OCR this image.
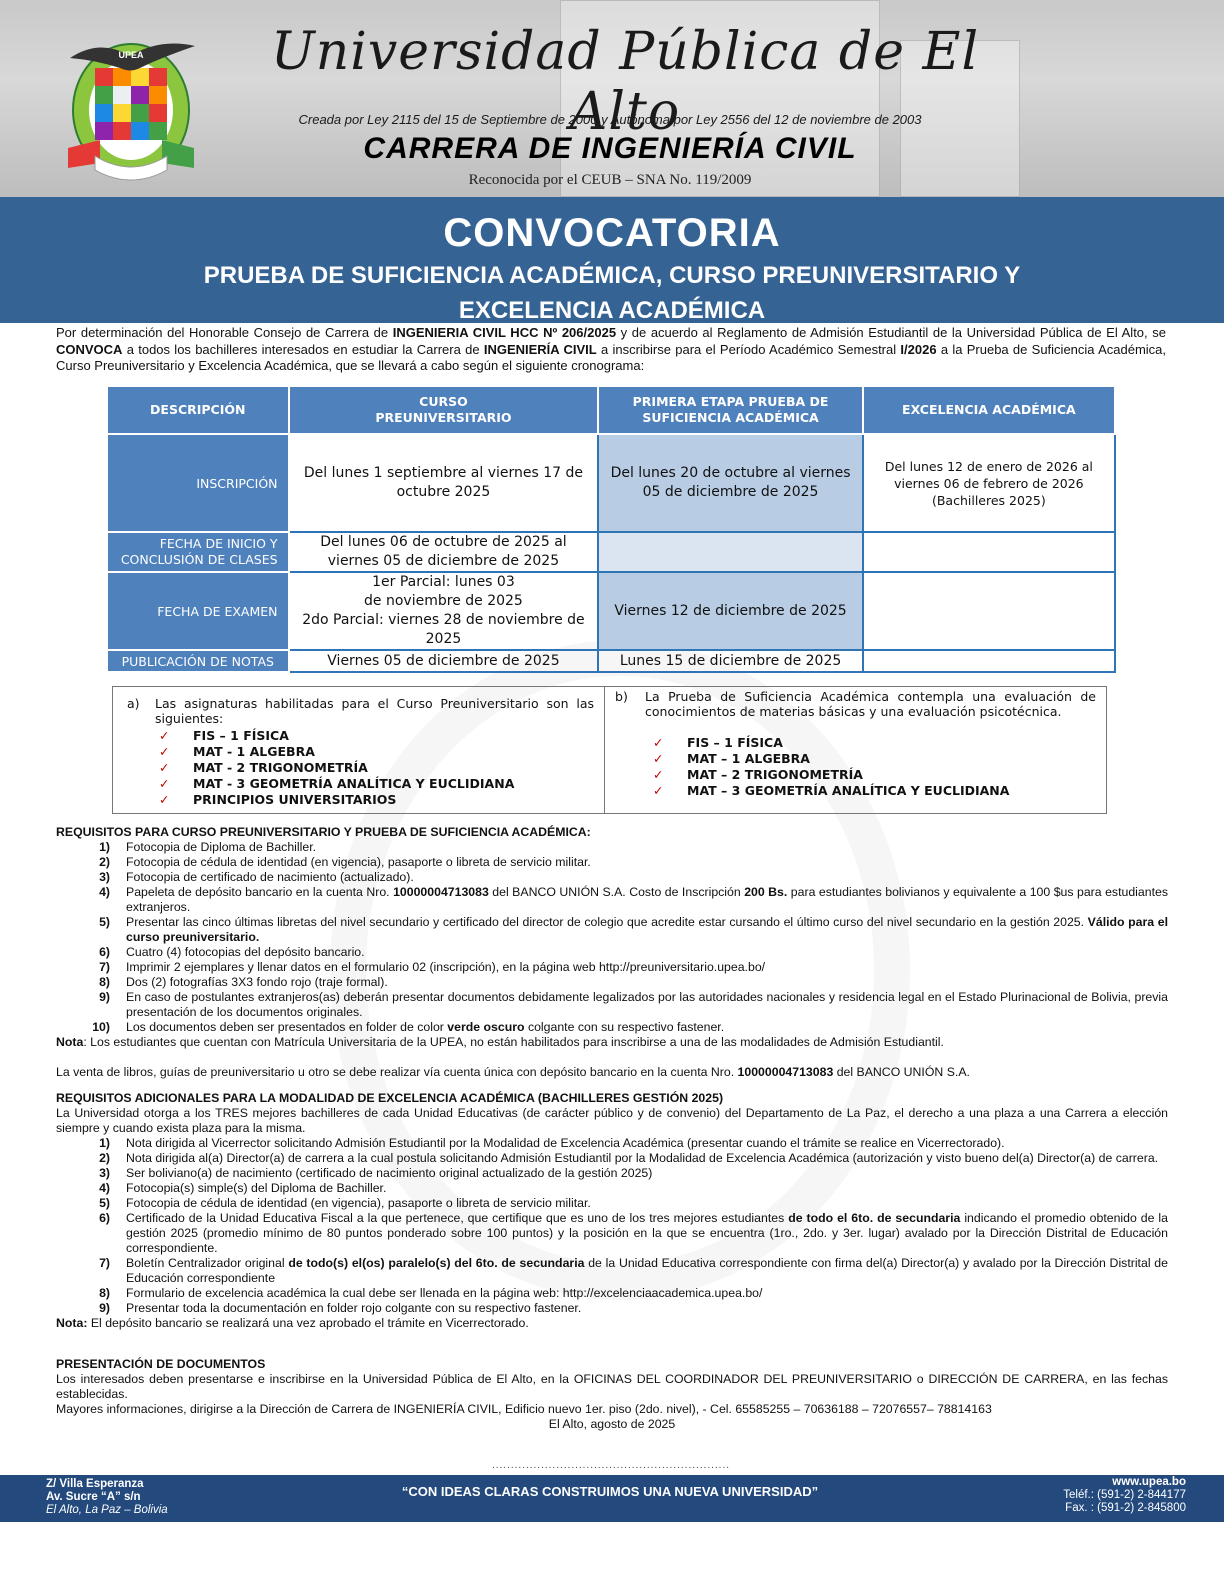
UPEA	Universidad Pública de El Alto
Creada por Ley 2115 del 15 de Septiembre de 2000 y Autónoma por Ley 2556 del 12 de noviembre de 2003
CARRERA DE INGENIERÍA CIVIL
Reconocida por el CEUB – SNA No. 119/2009
CONVOCATORIA
PRUEBA DE SUFICIENCIA ACADÉMICA, CURSO PREUNIVERSITARIO Y
EXCELENCIA ACADÉMICA
Por determinación del Honorable Consejo de Carrera de INGENIERIA CIVIL HCC Nº 206/2025 y de acuerdo al Reglamento de Admisión Estudiantil de la Universidad Pública de El Alto, se CONVOCA a todos los bachilleres interesados en estudiar la Carrera de INGENIERÍA CIVIL a inscribirse para el Período Académico Semestral I/2026 a la Prueba de Suficiencia Académica, Curso Preuniversitario y Excelencia Académica, que se llevará a cabo según el siguiente cronograma:
DESCRIPCIÓN	CURSO PREUNIVERSITARIO	PRIMERA ETAPA PRUEBA DE SUFICIENCIA ACADÉMICA	EXCELENCIA ACADÉMICA
INSCRIPCIÓN	Del lunes 1 septiembre al viernes 17 de octubre 2025	Del lunes 20 de octubre al viernes 05 de diciembre de 2025	Del lunes 12 de enero de 2026 al viernes 06 de febrero de 2026 (Bachilleres 2025)
FECHA DE INICIO Y CONCLUSIÓN DE CLASES	Del lunes 06 de octubre de 2025 al viernes 05 de diciembre de 2025		
FECHA DE EXAMEN	1er Parcial: lunes 03
de noviembre de 2025
2do Parcial: viernes 28 de noviembre de 2025	Viernes 12 de diciembre de 2025	
PUBLICACIÓN DE NOTAS	Viernes 05 de diciembre de 2025	Lunes 15 de diciembre de 2025	
a)	Las asignaturas habilitadas para el Curso Preuniversitario son las siguientes:
✓	FIS – 1 FÍSICA
✓	MAT - 1 ALGEBRA
✓	MAT - 2 TRIGONOMETRÍA
✓	MAT - 3 GEOMETRÍA ANALÍTICA Y EUCLIDIANA
✓	PRINCIPIOS UNIVERSITARIOS
b)	La Prueba de Suficiencia Académica contempla una evaluación de conocimientos de materias básicas y una evaluación psicotécnica.
✓	FIS – 1 FÍSICA
✓	MAT – 1 ALGEBRA
✓	MAT – 2 TRIGONOMETRÍA
✓	MAT – 3 GEOMETRÍA ANALÍTICA Y EUCLIDIANA
REQUISITOS PARA CURSO PREUNIVERSITARIO Y PRUEBA DE SUFICIENCIA ACADÉMICA:
1)	Fotocopia de Diploma de Bachiller.
2)	Fotocopia de cédula de identidad (en vigencia), pasaporte o libreta de servicio militar.
3)	Fotocopia de certificado de nacimiento (actualizado).
4)	Papeleta de depósito bancario en la cuenta Nro. 10000004713083 del BANCO UNIÓN S.A. Costo de Inscripción 200 Bs. para estudiantes bolivianos y equivalente a 100 $us para estudiantes extranjeros.
5)	Presentar las cinco últimas libretas del nivel secundario y certificado del director de colegio que acredite estar cursando el último curso del nivel secundario en la gestión 2025. Válido para el curso preuniversitario.
6)	Cuatro (4) fotocopias del depósito bancario.
7)	Imprimir 2 ejemplares y llenar datos en el formulario 02 (inscripción), en la página web http://preuniversitario.upea.bo/
8)	Dos (2) fotografías 3X3 fondo rojo (traje formal).
9)	En caso de postulantes extranjeros(as) deberán presentar documentos debidamente legalizados por las autoridades nacionales y residencia legal en el Estado Plurinacional de Bolivia, previa presentación de los documentos originales.
10)	Los documentos deben ser presentados en folder de color verde oscuro colgante con su respectivo fastener.
Nota: Los estudiantes que cuentan con Matrícula Universitaria de la UPEA, no están habilitados para inscribirse a una de las modalidades de Admisión Estudiantil.
La venta de libros, guías de preuniversitario u otro se debe realizar vía cuenta única con depósito bancario en la cuenta Nro. 10000004713083 del BANCO UNIÓN S.A.
REQUISITOS ADICIONALES PARA LA MODALIDAD DE EXCELENCIA ACADÉMICA (BACHILLERES GESTIÓN 2025)
La Universidad otorga a los TRES mejores bachilleres de cada Unidad Educativas (de carácter público y de convenio) del Departamento de La Paz, el derecho a una plaza a una Carrera a elección siempre y cuando exista plaza para la misma.
1)	Nota dirigida al Vicerrector solicitando Admisión Estudiantil por la Modalidad de Excelencia Académica (presentar cuando el trámite se realice en Vicerrectorado).
2)	Nota dirigida al(a) Director(a) de carrera a la cual postula solicitando Admisión Estudiantil por la Modalidad de Excelencia Académica (autorización y visto bueno del(a) Director(a) de carrera.
3)	Ser boliviano(a) de nacimiento (certificado de nacimiento original actualizado de la gestión 2025)
4)	Fotocopia(s) simple(s) del Diploma de Bachiller.
5)	Fotocopia de cédula de identidad (en vigencia), pasaporte o libreta de servicio militar.
6)	Certificado de la Unidad Educativa Fiscal a la que pertenece, que certifique que es uno de los tres mejores estudiantes de todo el 6to. de secundaria indicando el promedio obtenido de la gestión 2025 (promedio mínimo de 80 puntos ponderado sobre 100 puntos) y la posición en la que se encuentra (1ro., 2do. y 3er. lugar) avalado por la Dirección Distrital de Educación correspondiente.
7)	Boletín Centralizador original de todo(s) el(os) paralelo(s) del 6to. de secundaria de la Unidad Educativa correspondiente con firma del(a) Director(a) y avalado por la Dirección Distrital de Educación correspondiente
8)	Formulario de excelencia académica la cual debe ser llenada en la página web: http://excelenciaacademica.upea.bo/
9)	Presentar toda la documentación en folder rojo colgante con su respectivo fastener.
Nota: El depósito bancario se realizará una vez aprobado el trámite en Vicerrectorado.
PRESENTACIÓN DE DOCUMENTOS
Los interesados deben presentarse e inscribirse en la Universidad Pública de El Alto, en la OFICINAS DEL COORDINADOR DEL PREUNIVERSITARIO o DIRECCIÓN DE CARRERA, en las fechas establecidas.
Mayores informaciones, dirigirse a la Dirección de Carrera de INGENIERÍA CIVIL, Edificio nuevo 1er. piso (2do. nivel), - Cel. 65585255 – 70636188 – 72076557– 78814163
El Alto, agosto de 2025
...............................................................
Z/ Villa Esperanza
Av. Sucre “A” s/n
El Alto, La Paz – Bolivia
“CON IDEAS CLARAS CONSTRUIMOS UNA NUEVA UNIVERSIDAD”
www.upea.bo
Teléf.: (591-2) 2-844177
Fax. : (591-2) 2-845800
